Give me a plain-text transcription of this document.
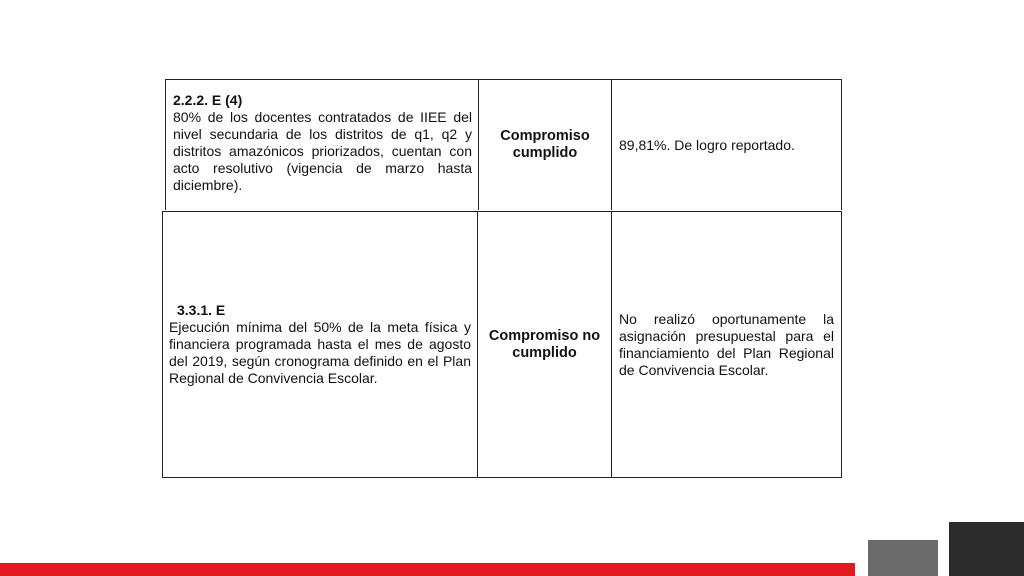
2.2.2. E (4)
80% de los docentes contratados de IIEE del nivel secundaria de los distritos de q1, q2 y distritos amazónicos priorizados, cuentan con acto resolutivo (vigencia de marzo hasta diciembre).
Compromiso cumplido
89,81%. De logro reportado.
3.3.1. E
Ejecución mínima del 50% de la meta física y financiera programada hasta el mes de agosto del 2019, según cronograma definido en el Plan Regional de Convivencia Escolar.
Compromiso no cumplido
No realizó oportunamente la asignación presupuestal para el financiamiento del Plan Regional de Convivencia Escolar.
